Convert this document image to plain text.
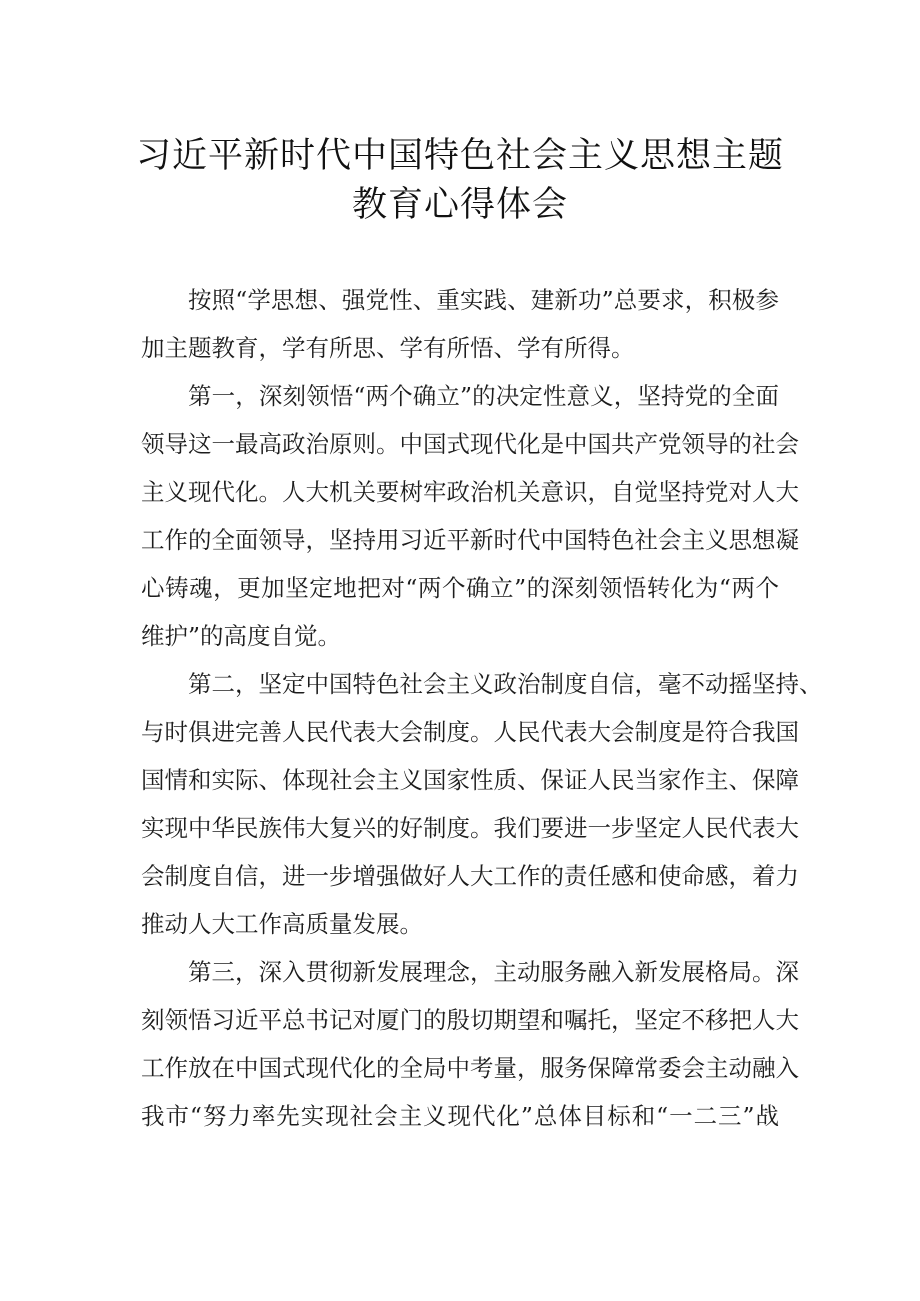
习近平新时代中国特色社会主义思想主题
教育心得体会
按照“学思想、强党性、重实践、建新功”总要求，积极参
加主题教育，学有所思、学有所悟、学有所得。
第一，深刻领悟“两个确立”的决定性意义，坚持党的全面
领导这一最高政治原则。中国式现代化是中国共产党领导的社会
主义现代化。人大机关要树牢政治机关意识，自觉坚持党对人大
工作的全面领导，坚持用习近平新时代中国特色社会主义思想凝
心铸魂，更加坚定地把对“两个确立”的深刻领悟转化为“两个
维护”的高度自觉。
第二，坚定中国特色社会主义政治制度自信，毫不动摇坚持、
与时俱进完善人民代表大会制度。人民代表大会制度是符合我国
国情和实际、体现社会主义国家性质、保证人民当家作主、保障
实现中华民族伟大复兴的好制度。我们要进一步坚定人民代表大
会制度自信，进一步增强做好人大工作的责任感和使命感，着力
推动人大工作高质量发展。
第三，深入贯彻新发展理念，主动服务融入新发展格局。深
刻领悟习近平总书记对厦门的殷切期望和嘱托，坚定不移把人大
工作放在中国式现代化的全局中考量，服务保障常委会主动融入
我市“努力率先实现社会主义现代化”总体目标和“一二三”战
